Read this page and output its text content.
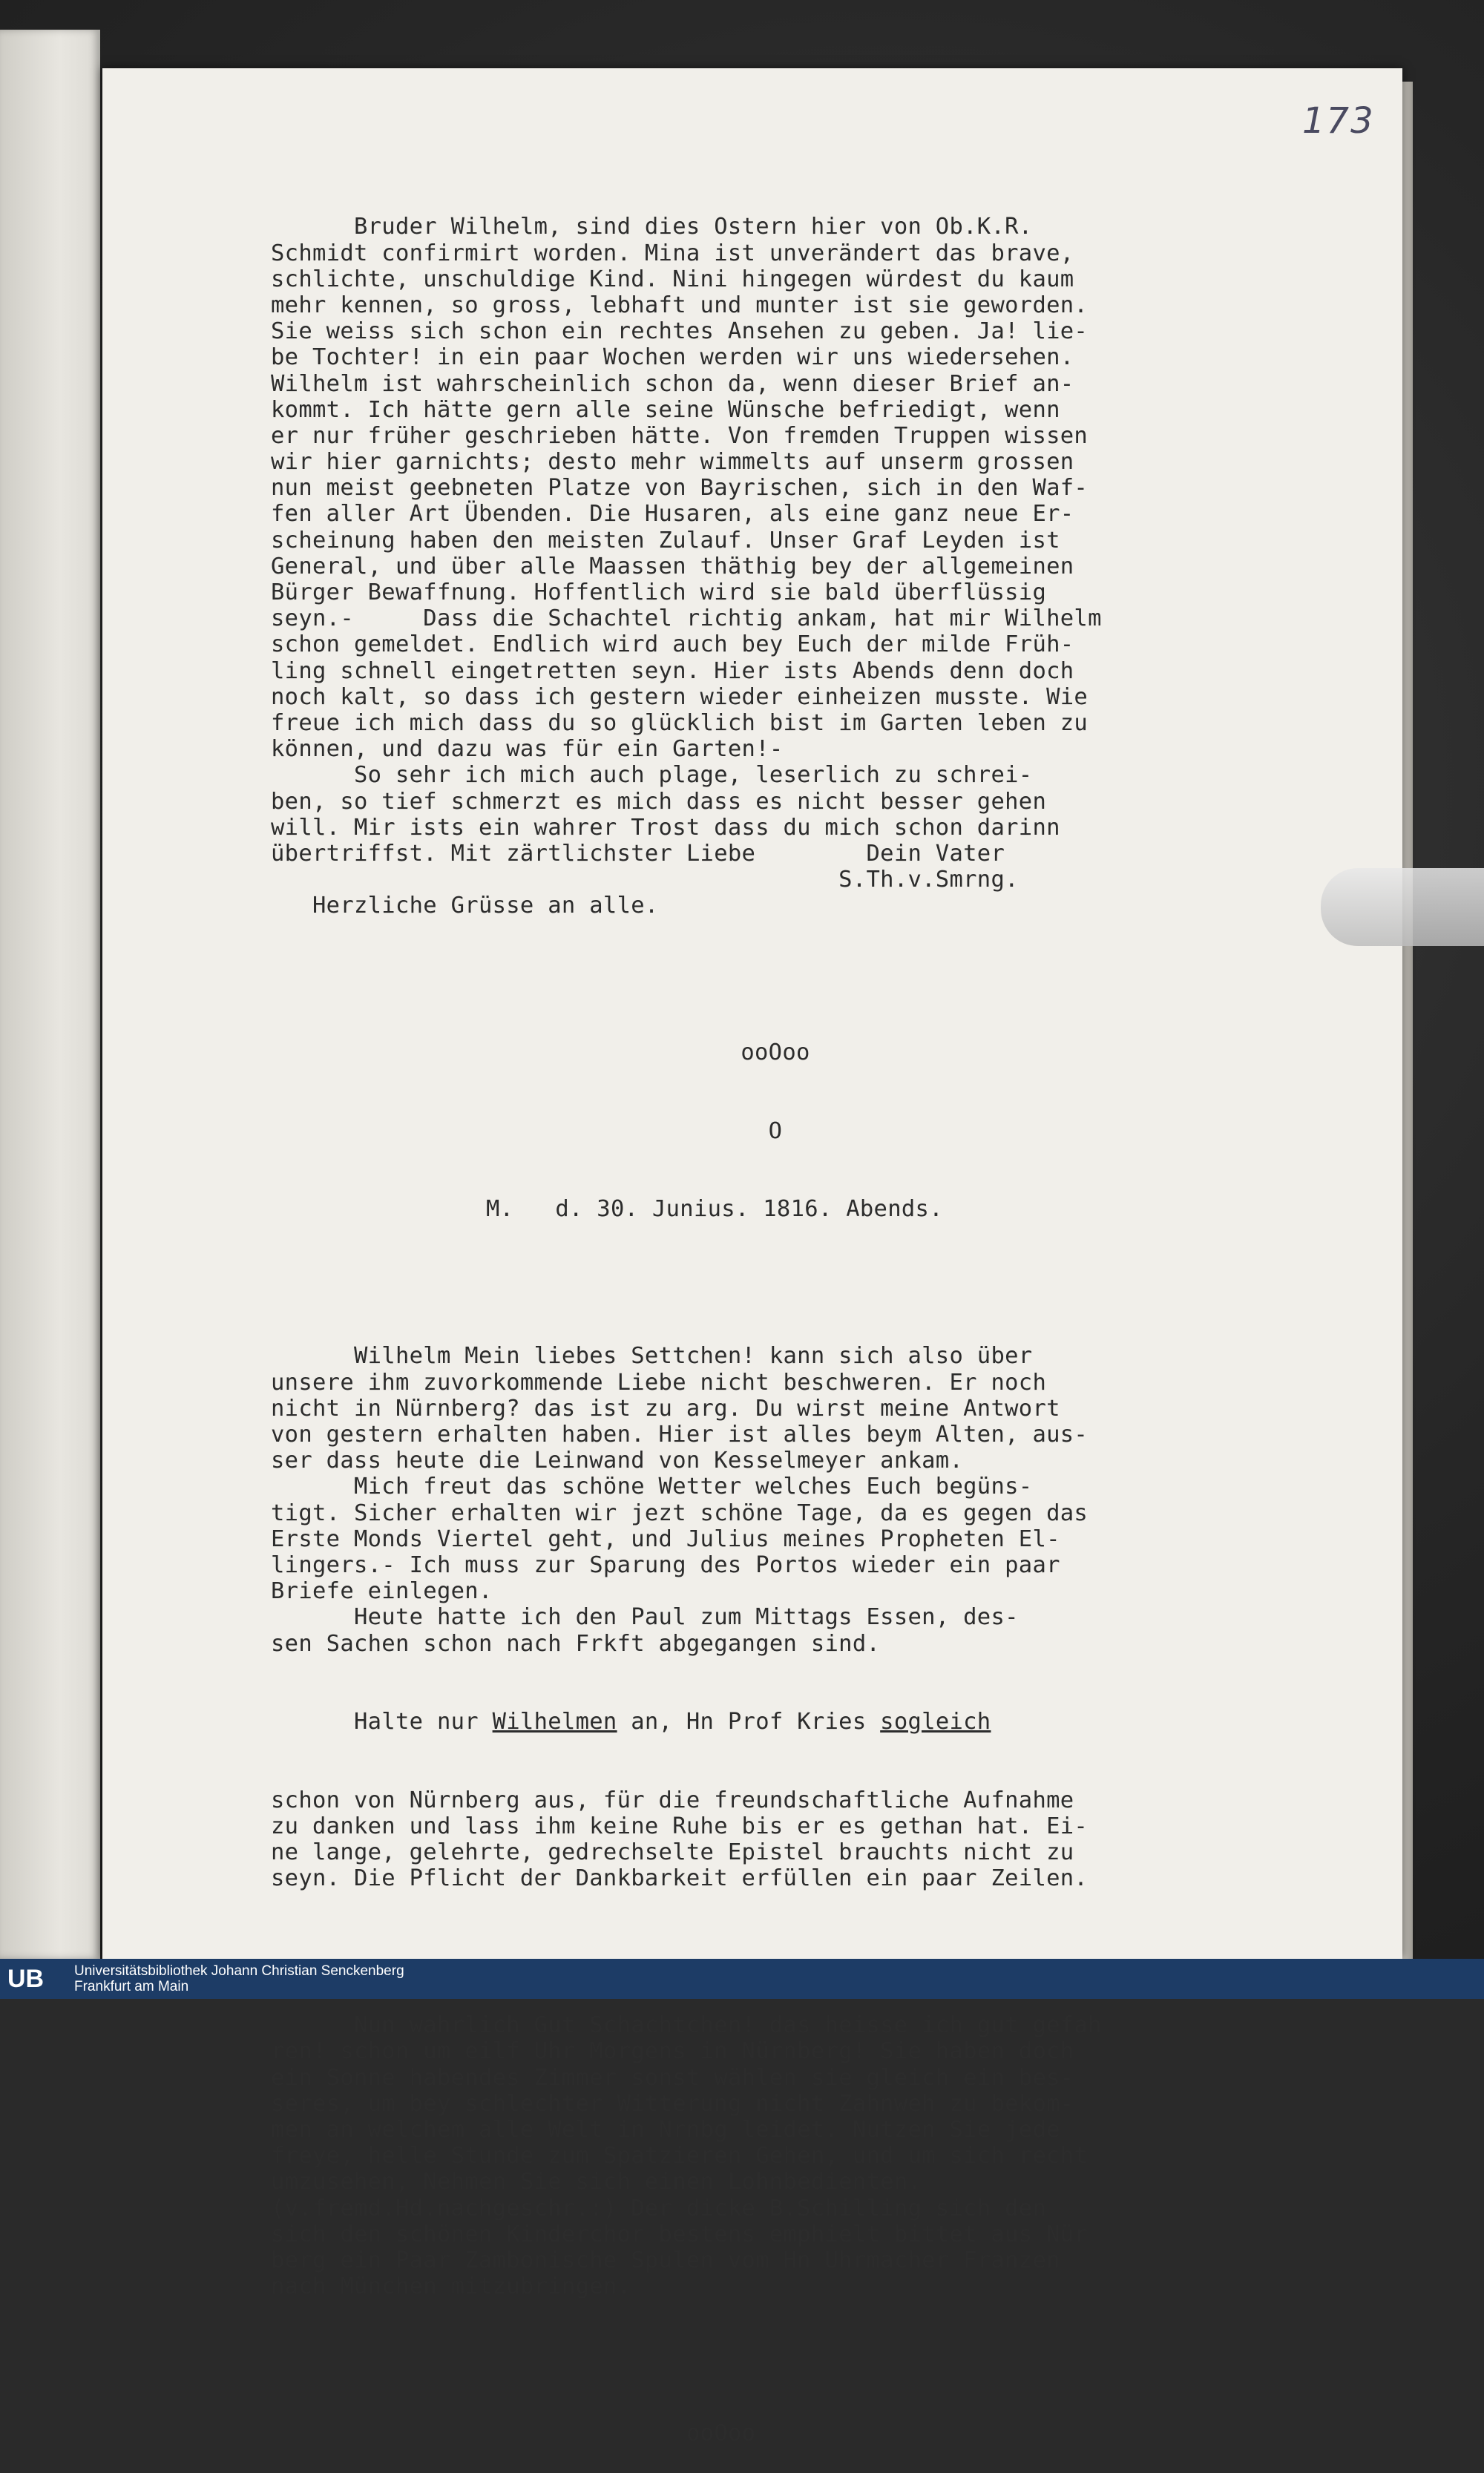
173

Bruder Wilhelm, sind dies Ostern hier von Ob.K.R.
Schmidt confirmirt worden. Mina ist unverändert das brave,
schlichte, unschuldige Kind. Nini hingegen würdest du kaum
mehr kennen, so gross, lebhaft und munter ist sie geworden.
Sie weiss sich schon ein rechtes Ansehen zu geben. Ja! lie-
be Tochter! in ein paar Wochen werden wir uns wiedersehen.
Wilhelm ist wahrscheinlich schon da, wenn dieser Brief an-
kommt. Ich hätte gern alle seine Wünsche befriedigt, wenn
er nur früher geschrieben hätte. Von fremden Truppen wissen
wir hier garnichts; desto mehr wimmelts auf unserm grossen
nun meist geebneten Platze von Bayrischen, sich in den Waf-
fen aller Art Übenden. Die Husaren, als eine ganz neue Er-
scheinung haben den meisten Zulauf. Unser Graf Leyden ist
General, und über alle Maassen thäthig bey der allgemeinen
Bürger Bewaffnung. Hoffentlich wird sie bald überflüssig
seyn.-     Dass die Schachtel richtig ankam, hat mir Wilhelm
schon gemeldet. Endlich wird auch bey Euch der milde Früh-
ling schnell eingetretten seyn. Hier ists Abends denn doch
noch kalt, so dass ich gestern wieder einheizen musste. Wie
freue ich mich dass du so glücklich bist im Garten leben zu
können, und dazu was für ein Garten!-
So sehr ich mich auch plage, leserlich zu schrei-
ben, so tief schmerzt es mich dass es nicht besser gehen
will. Mir ists ein wahrer Trost dass du mich schon darinn
übertriffst. Mit zärtlichster Liebe        Dein Vater
S.Th.v.Smrng.
Herzliche Grüsse an alle.

ooOoo

O

M.   d. 30. Junius. 1816. Abends.

Wilhelm Mein liebes Settchen! kann sich also über
unsere ihm zuvorkommende Liebe nicht beschweren. Er noch
nicht in Nürnberg? das ist zu arg. Du wirst meine Antwort
von gestern erhalten haben. Hier ist alles beym Alten, aus-
ser dass heute die Leinwand von Kesselmeyer ankam.
Mich freut das schöne Wetter welches Euch begüns-
tigt. Sicher erhalten wir jezt schöne Tage, da es gegen das
Erste Monds Viertel geht, und Julius meines Propheten El-
lingers.- Ich muss zur Sparung des Portos wieder ein paar
Briefe einlegen.
Heute hatte ich den Paul zum Mittags Essen, des-
sen Sachen schon nach Frkft abgegangen sind.

Halte nur Wilhelmen an, Hn Prof Kries sogleich

schon von Nürnberg aus, für die freundschaftliche Aufnahme
zu danken und lass ihm keine Ruhe bis er es gethan hat. Ei-
ne lange, gelehrte, gedrechselte Epistel brauchts nicht zu
seyn. Die Pflicht der Dankbarkeit erfüllen ein paar Zeilen.

Nun wahrlich Gut Schachtchen! das heisse ich gut gefah
ren! schon um eilf Uhr Morgens in Nürnberg! Sie haben doch
ein Sonne habendes Zimmer sonst wählen sie gleich ein bes-
seres, um bey schlechter Witterung nicht Zahnweh zu bekom-
men an welchem alle Welt in Nrnbg leidet. Nutzen Sie jede
freye, helle Stunde zum Spatzieren Gehen, und um sich recht
umzusehen, Nehmen Sie sich einen Lohnbedienten.
(v.fremd.Hd.nachgeschr.:) Der dicke B.Schilling sich den
sich den schönen Kinderchor bestens emphielt bittet aus Nür
berg ein Paar Zambonische Spulen vom Hn Uhrmacher Franzen
nach München mitzubringen.

ooOoo

UB	Universitätsbibliothek Johann Christian Senckenberg
Frankfurt am Main
